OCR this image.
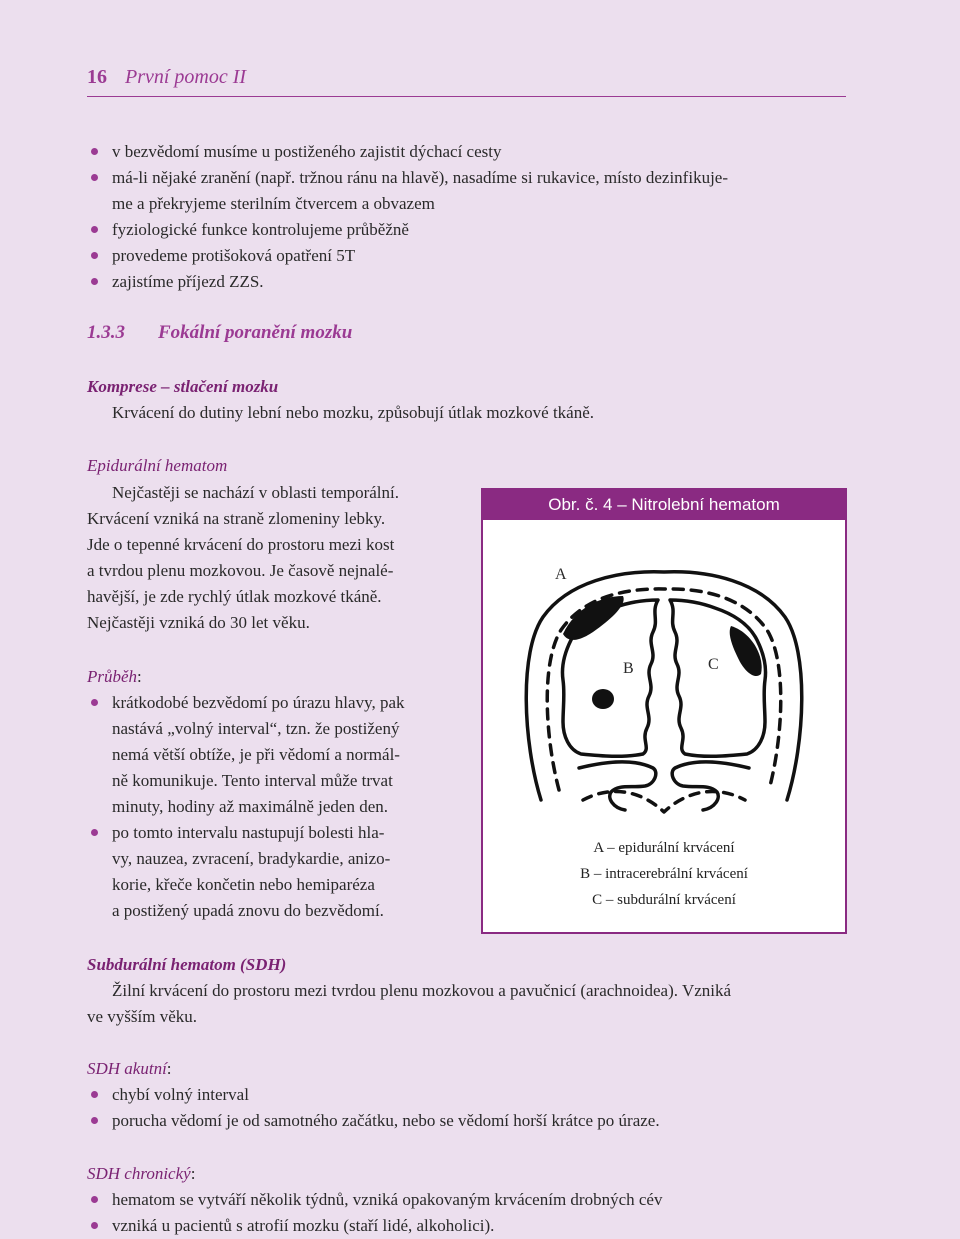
16 První pomoc II
v bezvědomí musíme u postiženého zajistit dýchací cesty
má-li nějaké zranění (např. tržnou ránu na hlavě), nasadíme si rukavice, místo dezinfikuje-
me a překryjeme sterilním čtvercem a obvazem
fyziologické funkce kontrolujeme průběžně
provedeme protišoková opatření 5T
zajistíme příjezd ZZS.
1.3.3 Fokální poranění mozku
Komprese – stlačení mozku
Krvácení do dutiny lební nebo mozku, způsobují útlak mozkové tkáně.
Epidurální hematom
Nejčastěji se nachází v oblasti temporální.
Krvácení vzniká na straně zlomeniny lebky.
Jde o tepenné krvácení do prostoru mezi kost
a tvrdou plenu mozkovou. Je časově nejnalé-
havější, je zde rychlý útlak mozkové tkáně.
Nejčastěji vzniká do 30 let věku.
Průběh:
krátkodobé bezvědomí po úrazu hlavy, pak
nastává „volný interval“, tzn. že postižený
nemá větší obtíže, je při vědomí a normál-
ně komunikuje. Tento interval může trvat
minuty, hodiny až maximálně jeden den.
po tomto intervalu nastupují bolesti hla-
vy, nauzea, zvracení, bradykardie, anizo-
korie, křeče končetin nebo hemiparéza
a postižený upadá znovu do bezvědomí.
Obr. č. 4 – Nitrolební hematom
A
B	C
A – epidurální krvácení
B – intracerebrální krvácení
C – subdurální krvácení
Subdurální hematom (SDH)
Žilní krvácení do prostoru mezi tvrdou plenu mozkovou a pavučnicí (arachnoidea). Vzniká
ve vyšším věku.
SDH akutní:
chybí volný interval
porucha vědomí je od samotného začátku, nebo se vědomí horší krátce po úraze.
SDH chronický:
hematom se vytváří několik týdnů, vzniká opakovaným krvácením drobných cév
vzniká u pacientů s atrofií mozku (staří lidé, alkoholici).
